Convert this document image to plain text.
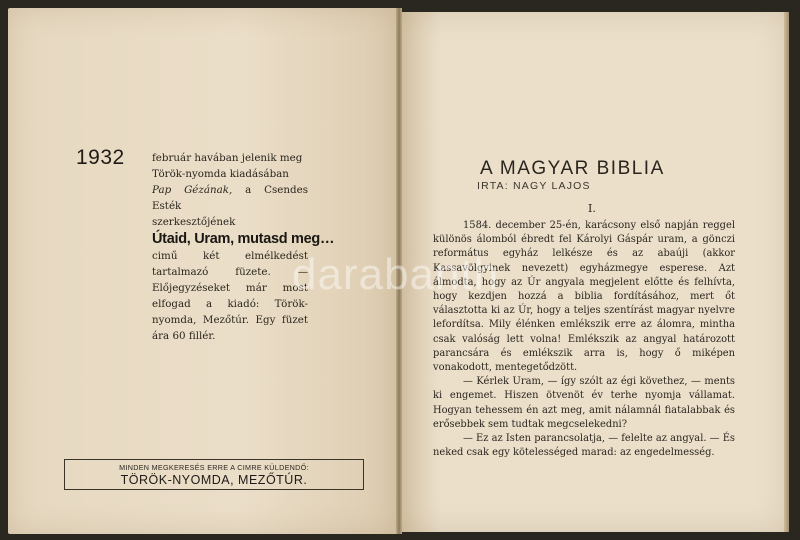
1932	február havában jelenik meg

Török-nyomda kiadásában

Pap Gézának, a Csendes Esték

szerkesztőjének

Útaid, Uram, mutasd meg…

cimű két elmélkedést tartalmazó füzete. — Előjegyzéseket már most elfogad a kiadó: Török-nyomda, Mezőtúr. Egy füzet ára 60 fillér.

MINDEN MEGKERESÉS ERRE A CIMRE KÜLDENDŐ:
TÖRÖK-NYOMDA, MEZŐTÚR.
A MAGYAR BIBLIA
IRTA: NAGY LAJOS
I.

1584. december 25-én, karácsony első napján reggel különös álomból ébredt fel Károlyi Gáspár uram, a gönczi református egyház lelkésze és az abaúji (akkor Kassavölgyinek nevezett) egyházmegye esperese. Azt álmodta, hogy az Úr angyala megjelent előtte és felhívta, hogy kezdjen hozzá a biblia fordításához, mert őt választotta ki az Úr, hogy a teljes szentírást magyar nyelvre lefordítsa. Mily élénken emlékszik erre az álomra, mintha csak valóság lett volna! Emlékszik az angyal határozott parancsára és emlékszik arra is, hogy ő miképen vonakodott, mentegetődzött.

— Kérlek Uram, — így szólt az égi követhez, — ments ki engemet. Hiszen ötvenöt év terhe nyomja vállamat. Hogyan tehessem én azt meg, amit nálamnál fiatalabbak és erősebbek sem tudtak megcselekedni?

— Ez az Isten parancsolatja, — felelte az angyal. — És neked csak egy kötelességed marad: az engedelmesség.

darabanth
